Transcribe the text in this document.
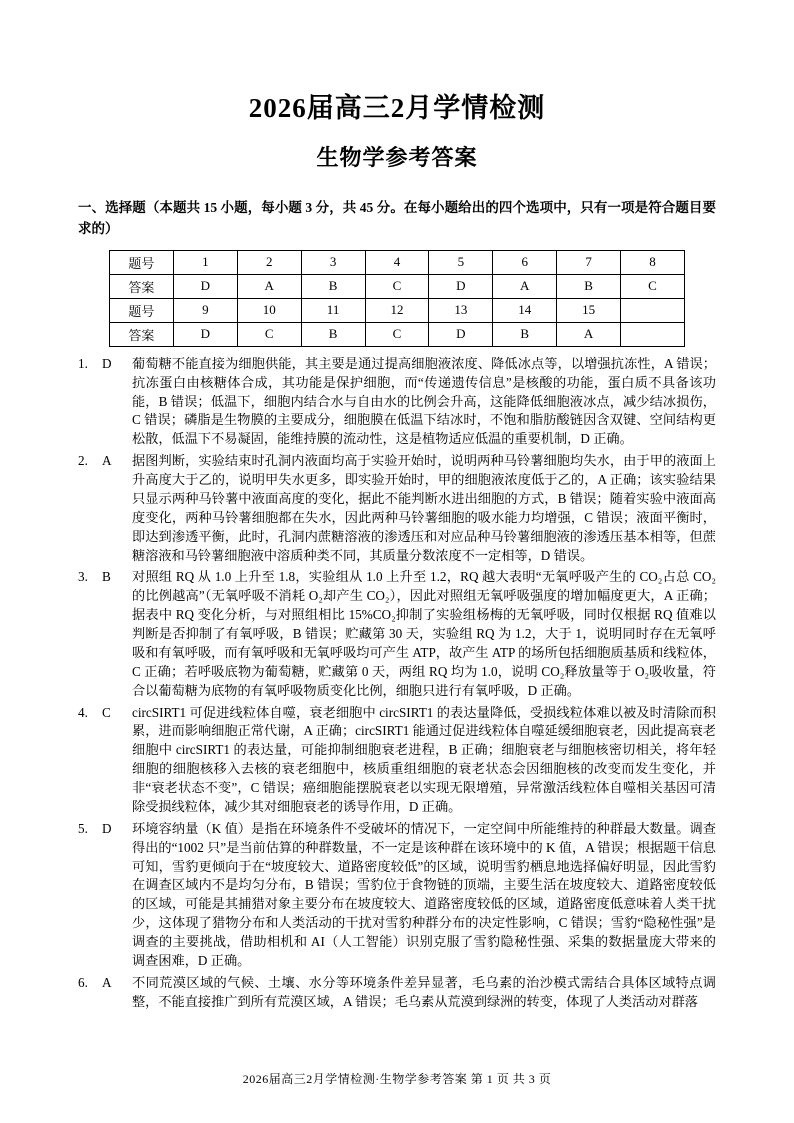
2026届高三2月学情检测
生物学参考答案
一、选择题（本题共 15 小题，每小题 3 分，共 45 分。在每小题给出的四个选项中，只有一项是符合题目要求的）
题号	1	2	3	4	5	6	7	8
答案	D	A	B	C	D	A	B	C
题号	9	10	11	12	13	14	15	
答案	D	C	B	C	D	B	A	
1.	D	葡萄糖不能直接为细胞供能，其主要是通过提高细胞液浓度、降低冰点等，以增强抗冻性，A 错误；抗冻蛋白由核糖体合成，其功能是保护细胞，而“传递遗传信息”是核酸的功能，蛋白质不具备该功能，B 错误；低温下，细胞内结合水与自由水的比例会升高，这能降低细胞液冰点，减少结冰损伤，C 错误；磷脂是生物膜的主要成分，细胞膜在低温下结冰时，不饱和脂肪酸链因含双键、空间结构更松散，低温下不易凝固，能维持膜的流动性，这是植物适应低温的重要机制，D 正确。
2.	A	据图判断，实验结束时孔洞内液面均高于实验开始时，说明两种马铃薯细胞均失水，由于甲的液面上升高度大于乙的，说明甲失水更多，即实验开始时，甲的细胞液浓度低于乙的，A 正确；该实验结果只显示两种马铃薯中液面高度的变化，据此不能判断水进出细胞的方式，B 错误；随着实验中液面高度变化，两种马铃薯细胞都在失水，因此两种马铃薯细胞的吸水能力均增强，C 错误；液面平衡时，即达到渗透平衡，此时，孔洞内蔗糖溶液的渗透压和对应品种马铃薯细胞液的渗透压基本相等，但蔗糖溶液和马铃薯细胞液中溶质种类不同，其质量分数浓度不一定相等，D 错误。
3.	B	对照组 RQ 从 1.0 上升至 1.8，实验组从 1.0 上升至 1.2，RQ 越大表明“无氧呼吸产生的 CO₂占总 CO₂的比例越高”（无氧呼吸不消耗 O₂却产生 CO₂），因此对照组无氧呼吸强度的增加幅度更大，A 正确；据表中 RQ 变化分析，与对照组相比 15%CO₂抑制了实验组杨梅的无氧呼吸，同时仅根据 RQ 值难以判断是否抑制了有氧呼吸，B 错误；贮藏第 30 天，实验组 RQ 为 1.2，大于 1，说明同时存在无氧呼吸和有氧呼吸，而有氧呼吸和无氧呼吸均可产生 ATP，故产生 ATP 的场所包括细胞质基质和线粒体，C 正确；若呼吸底物为葡萄糖，贮藏第 0 天，两组 RQ 均为 1.0，说明 CO₂释放量等于 O₂吸收量，符合以葡萄糖为底物的有氧呼吸物质变化比例，细胞只进行有氧呼吸，D 正确。
4.	C	circSIRT1 可促进线粒体自噬，衰老细胞中 circSIRT1 的表达量降低，受损线粒体难以被及时清除而积累，进而影响细胞正常代谢，A 正确；circSIRT1 能通过促进线粒体自噬延缓细胞衰老，因此提高衰老细胞中 circSIRT1 的表达量，可能抑制细胞衰老进程，B 正确；细胞衰老与细胞核密切相关，将年轻细胞的细胞核移入去核的衰老细胞中，核质重组细胞的衰老状态会因细胞核的改变而发生变化，并非“衰老状态不变”，C 错误；癌细胞能摆脱衰老以实现无限增殖，异常激活线粒体自噬相关基因可清除受损线粒体，减少其对细胞衰老的诱导作用，D 正确。
5.	D	环境容纳量（K 值）是指在环境条件不受破坏的情况下，一定空间中所能维持的种群最大数量。调查得出的“1002 只”是当前估算的种群数量，不一定是该种群在该环境中的 K 值，A 错误；根据题干信息可知，雪豹更倾向于在“坡度较大、道路密度较低”的区域，说明雪豹栖息地选择偏好明显，因此雪豹在调查区域内不是均匀分布，B 错误；雪豹位于食物链的顶端，主要生活在坡度较大、道路密度较低的区域，可能是其捕猎对象主要分布在坡度较大、道路密度较低的区域，道路密度低意味着人类干扰少，这体现了猎物分布和人类活动的干扰对雪豹种群分布的决定性影响，C 错误；雪豹“隐秘性强”是调查的主要挑战，借助相机和 AI（人工智能）识别克服了雪豹隐秘性强、采集的数据量庞大带来的调查困难，D 正确。
6.	A	不同荒漠区域的气候、土壤、水分等环境条件差异显著，毛乌素的治沙模式需结合具体区域特点调整，不能直接推广到所有荒漠区域，A 错误；毛乌素从荒漠到绿洲的转变，体现了人类活动对群落
2026届高三2月学情检测·生物学参考答案 第 1 页 共 3 页
